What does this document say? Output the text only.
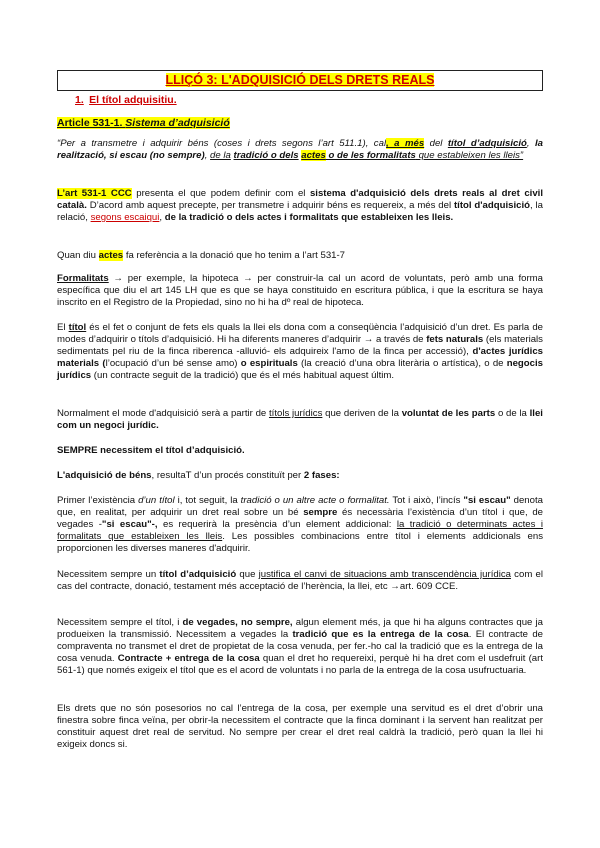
LLIÇÓ 3: L'ADQUISICIÓ DELS DRETS REALS
1. El títol adquisitiu.
Article 531-1. Sistema d’adquisició
“Per a transmetre i adquirir béns (coses i drets segons l’art 511.1), cal, a més del títol d’adquisició, la realització, si escau (no sempre), de la tradició o dels actes o de les formalitats que estableixen les lleis”
L’art 531-1 CCC presenta el que podem definir com el sistema d'adquisició dels drets reals al dret civil català. D’acord amb aquest precepte, per transmetre i adquirir béns es requereix, a més del títol d'adquisició, la relació, segons escaiqui, de la tradició o dels actes i formalitats que estableixen les lleis.
Quan diu actes fa referència a la donació que ho tenim a l’art 531-7
Formalitats → per exemple, la hipoteca → per construir-la cal un acord de voluntats, però amb una forma específica que diu el art 145 LH que es que se haya constituido en escritura pública, i que la escritura se haya inscrito en el Registro de la Propiedad, sino no hi ha dº real de hipoteca.
El títol és el fet o conjunt de fets els quals la llei els dona com a conseqüència l’adquisició d’un dret. Es parla de modes d’adquirir o títols d’adquisició. Hi ha diferents maneres d’adquirir → a través de fets naturals (els materials sedimentats pel riu de la finca riberenca -alluvió- els adquireix l'amo de la finca per accessió), d'actes jurídics materials (l’ocupació d’un bé sense amo) o espirituals (la creació d’una obra literària o artística), o de negocis jurídics (un contracte seguit de la tradició) que és el més habitual aquest últim.
Normalment el mode d'adquisició serà a partir de títols jurídics que deriven de la voluntat de les parts o de la llei com un negoci jurídic.
SEMPRE necessitem el títol d’adquisició.
L'adquisició de béns, resultaT d’un procés constituït per 2 fases:
Primer l’existència d’un títol i, tot seguit, la tradició o un altre acte o formalitat. Tot i això, l’incís "si escau" denota que, en realitat, per adquirir un dret real sobre un bé sempre és necessària l’existència d’un títol i que, de vegades -"si escau"-, es requerirà la presència d’un element addicional: la tradició o determinats actes i formalitats que estableixen les lleis. Les possibles combinacions entre títol i elements addicionals ens proporcionen les diverses maneres d'adquirir.
Necessitem sempre un títol d’adquisició que justifica el canvi de situacions amb transcendència jurídica com el cas del contracte, donació, testament més acceptació de l’herència, la llei, etc →art. 609 CCE.
Necessitem sempre el títol, i de vegades, no sempre, algun element més, ja que hi ha alguns contractes que ja produeixen la transmissió. Necessitem a vegades la tradició que es la entrega de la cosa. El contracte de compraventa no transmet el dret de propietat de la cosa venuda, per fer.-ho cal la tradició que es la entrega de la cosa venuda. Contracte + entrega de la cosa quan el dret ho requereixi, perquè hi ha dret com el usdefruit (art 561-1) que només exigeix el títol que es el acord de voluntats i no parla de la entrega de la cosa usufructuaria.
Els drets que no són posesorios no cal l’entrega de la cosa, per exemple una servitud es el dret d’obrir una finestra sobre finca veïna, per obrir-la necessitem el contracte que la finca dominant i la servent han realitzat per constituir aquest dret real de servitud. No sempre per crear el dret real caldrà la tradició, però quan la llei hi exigeix doncs si.
